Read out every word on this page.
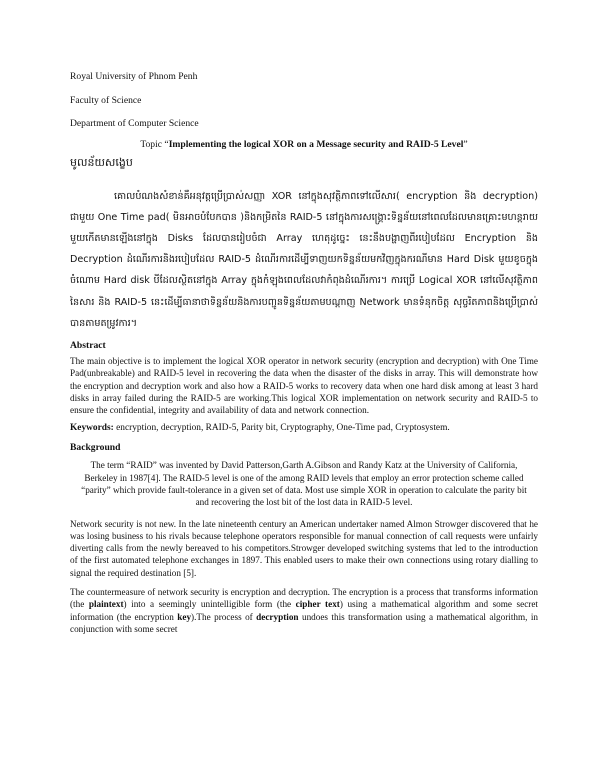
Royal University of Phnom Penh
Faculty of Science
Department of Computer Science
Topic “Implementing the logical XOR on a Message security and RAID-5 Level”
មូលន័យសង្ខេប

គោលបំណងសំខាន់គឺអនុវត្តប្រើប្រាស់សញ្ញា XOR នៅក្នុងសុវត្ថិភាពទៅលើសារ( encryption និង decryption) ជាមួយ One Time pad( មិនអាចបំបែកបាន )និងកម្រិតនៃ RAID-5 នៅក្នុងការសង្គ្រោះទិន្នន័យនៅពេលដែលមានគ្រោះមហន្តរាយមួយកើតមានឡើងនៅក្នុង Disks ដែលបានរៀបចំជា Array ហេតុដូច្នេះ នេះនឹងបង្ហាញពីរបៀបដែល Encryption និង Decryption ដំណើរការនិងរបៀបដែល RAID-5 ដំណើរការដើម្បីទាញយកទិន្នន័យមកវិញក្នុងករណីមាន Hard Disk មួយខូចក្នុងចំណោម Hard disk បីដែលស្ថិតនៅក្នុង Array ក្នុងកំឡុងពេលដែលវាកំពុងដំណើរការ។ ការប្រើ Logical XOR នៅលើសុវត្ថិភាពនៃសារ និង RAID-5 នេះដើម្បីធានាថាទិន្នន័យនិងការបញ្ជូនទិន្នន័យតាមបណ្តាញ Network មានទំនុកចិត្ត សុច្ចរិតភាពនិងប្រើប្រាស់បានតាមតម្រូវការ។

Abstract

The main objective is to implement the logical XOR operator in network security (encryption and decryption) with One Time Pad(unbreakable) and RAID-5 level in recovering the data when the disaster of the disks in array. This will demonstrate how the encryption and decryption work and also how a RAID-5 works to recovery data when one hard disk among at least 3 hard disks in array failed during the RAID-5 are working.This logical XOR implementation on network security and RAID-5 to ensure the confidential, integrity and availability of data and network connection.

Keywords: encryption, decryption, RAID-5, Parity bit, Cryptography, One-Time pad, Cryptosystem.

Background

The term “RAID” was invented by David Patterson,Garth A.Gibson and Randy Katz at the University of California, Berkeley in 1987[4]. The RAID-5 level is one of the among RAID levels that employ an error protection scheme called “parity” which provide fault-tolerance in a given set of data. Most use simple XOR in operation to calculate the parity bit and recovering the lost bit of the lost data in RAID-5 level.

Network security is not new. In the late nineteenth century an American undertaker named Almon Strowger discovered that he was losing business to his rivals because telephone operators responsible for manual connection of call requests were unfairly diverting calls from the newly bereaved to his competitors.Strowger developed switching systems that led to the introduction of the first automated telephone exchanges in 1897. This enabled users to make their own connections using rotary dialling to signal the required destination [5].

The countermeasure of network security is encryption and decryption. The encryption is a process that transforms information (the plaintext) into a seemingly unintelligible form (the cipher text) using a mathematical algorithm and some secret information (the encryption key).The process of decryption undoes this transformation using a mathematical algorithm, in conjunction with some secret
